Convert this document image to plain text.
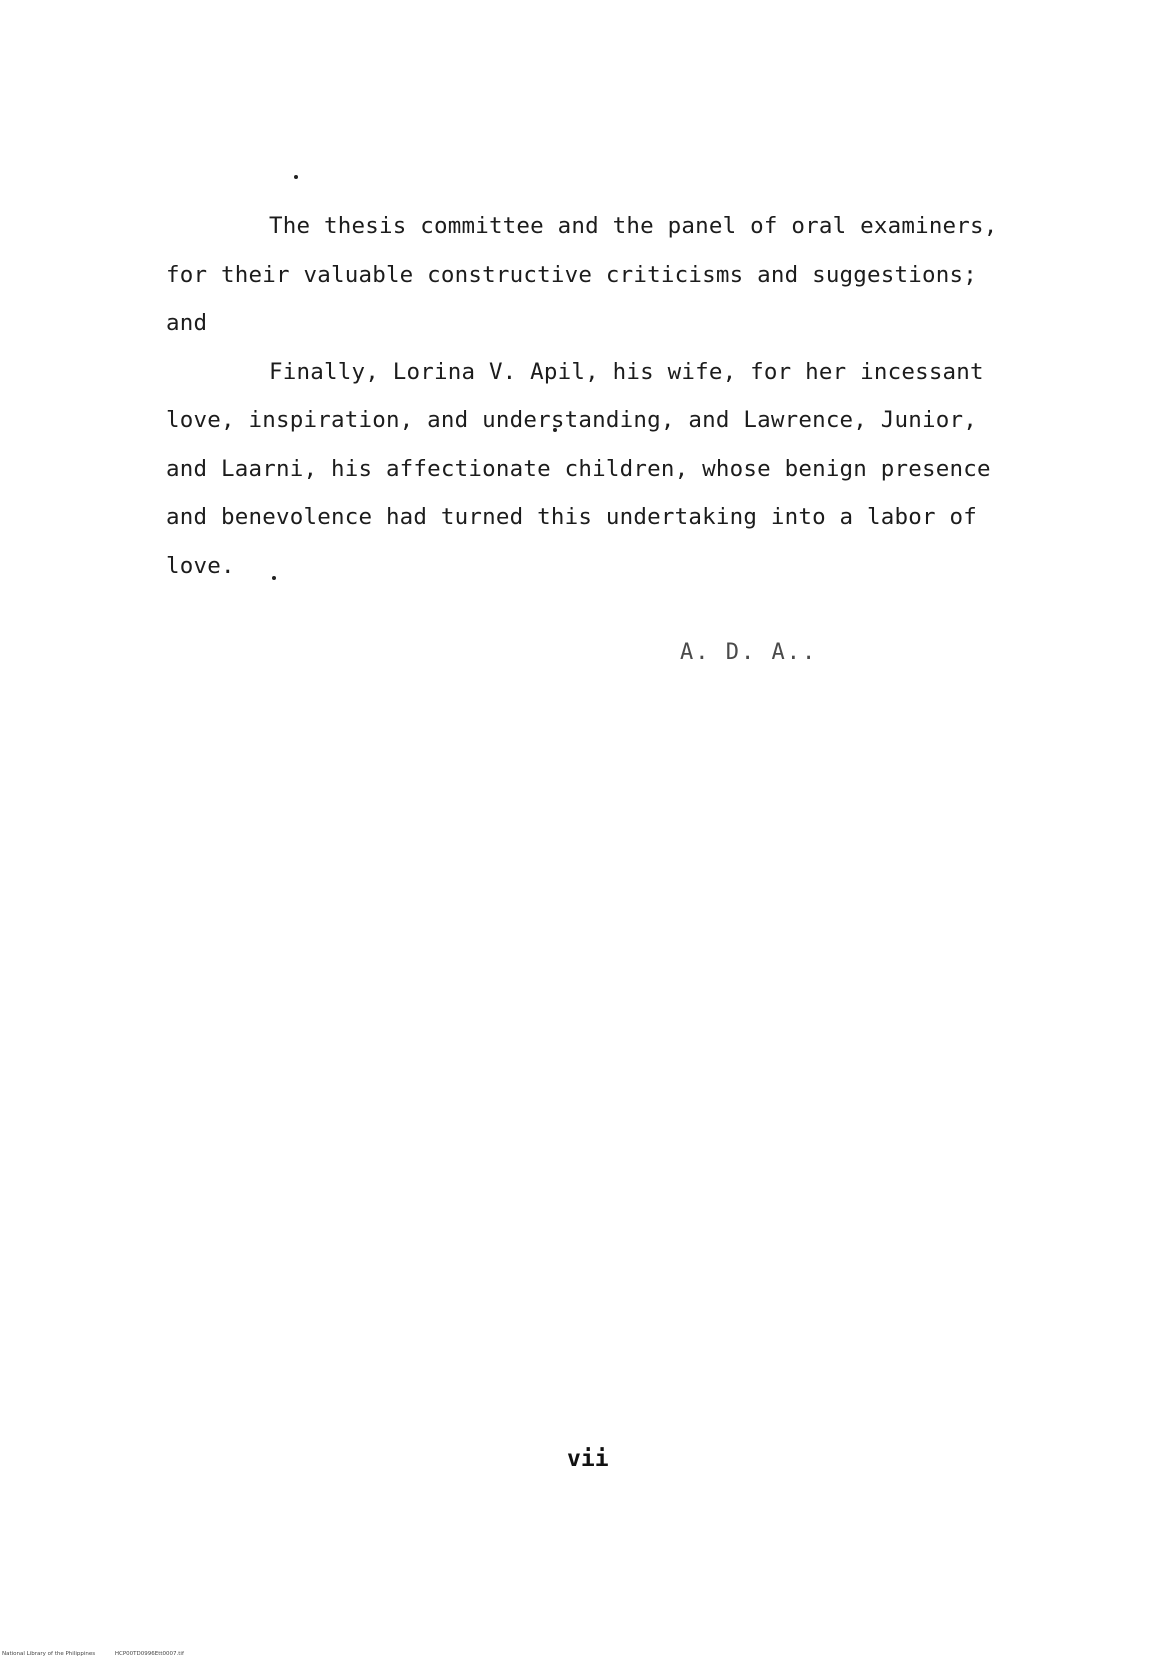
The thesis committee and the panel of oral examiners, for their valuable constructive criticisms and suggestions; and

Finally, Lorina V. Apil, his wife, for her incessant love, inspiration, and understanding, and Lawrence, Junior, and Laarni, his affectionate children, whose benign presence and benevolence had turned this undertaking into a labor of love.

A. D. A..
vii
National Library of the Philippines	HCP00TD0996Ett0007.tif
